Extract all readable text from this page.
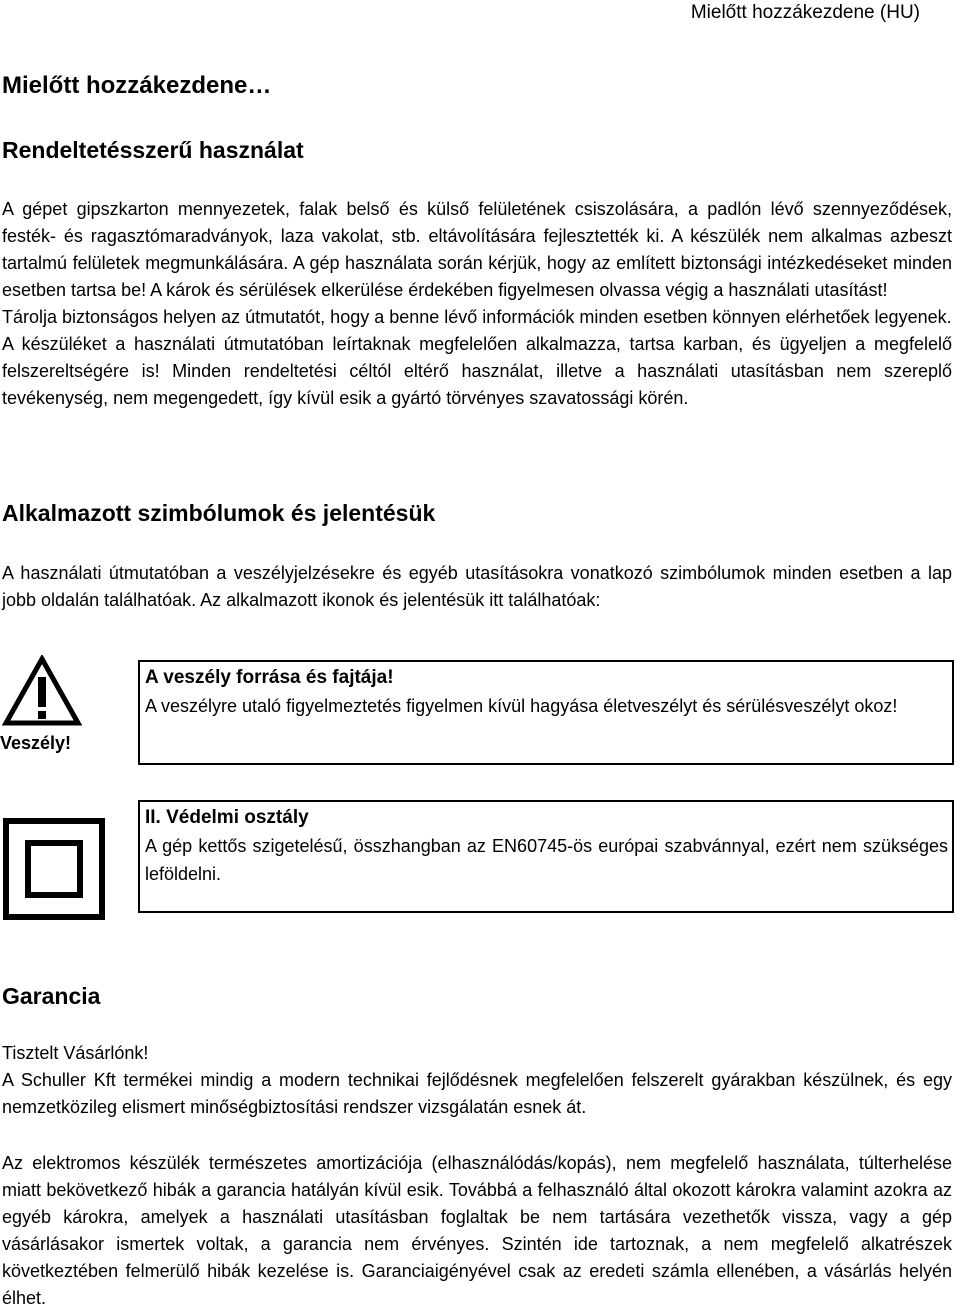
Mielőtt hozzákezdene (HU)
Mielőtt hozzákezdene…
Rendeltetésszerű használat

A gépet gipszkarton mennyezetek, falak belső és külső felületének csiszolására, a padlón lévő szennyeződések, festék- és ragasztómaradványok, laza vakolat, stb. eltávolítására fejlesztették ki. A készülék nem alkalmas azbeszt tartalmú felületek megmunkálására. A gép használata során kérjük, hogy az említett biztonsági intézkedéseket minden esetben tartsa be! A károk és sérülések elkerülése érdekében figyelmesen olvassa végig a használati utasítást!

Tárolja biztonságos helyen az útmutatót, hogy a benne lévő információk minden esetben könnyen elérhetőek legyenek.

A készüléket a használati útmutatóban leírtaknak megfelelően alkalmazza, tartsa karban, és ügyeljen a megfelelő felszereltségére is! Minden rendeltetési céltól eltérő használat, illetve a használati utasításban nem szereplő tevékenység, nem megengedett, így kívül esik a gyártó törvényes szavatossági körén.

Alkalmazott szimbólumok és jelentésük

A használati útmutatóban a veszélyjelzésekre és egyéb utasításokra vonatkozó szimbólumok minden esetben a lap jobb oldalán találhatóak. Az alkalmazott ikonok és jelentésük itt találhatóak:

Veszély!
A veszély forrása és fajtája!
A veszélyre utaló figyelmeztetés figyelmen kívül hagyása életveszélyt és sérülésveszélyt okoz!
II. Védelmi osztály
A gép kettős szigetelésű, összhangban az EN60745-ös európai szabvánnyal, ezért nem szükséges leföldelni.
Garancia

Tisztelt Vásárlónk!

A Schuller Kft termékei mindig a modern technikai fejlődésnek megfelelően felszerelt gyárakban készülnek, és egy nemzetközileg elismert minőségbiztosítási rendszer vizsgálatán esnek át.

Az elektromos készülék természetes amortizációja (elhasználódás/kopás), nem megfelelő használata, túlterhelése miatt bekövetkező hibák a garancia hatályán kívül esik. Továbbá a felhasználó által okozott károkra valamint azokra az egyéb károkra, amelyek a használati utasításban foglaltak be nem tartására vezethetők vissza, vagy a gép vásárlásakor ismertek voltak, a garancia nem érvényes. Szintén ide tartoznak, a nem megfelelő alkatrészek következtében felmerülő hibák kezelése is. Garanciaigényével csak az eredeti számla ellenében, a vásárlás helyén élhet.
